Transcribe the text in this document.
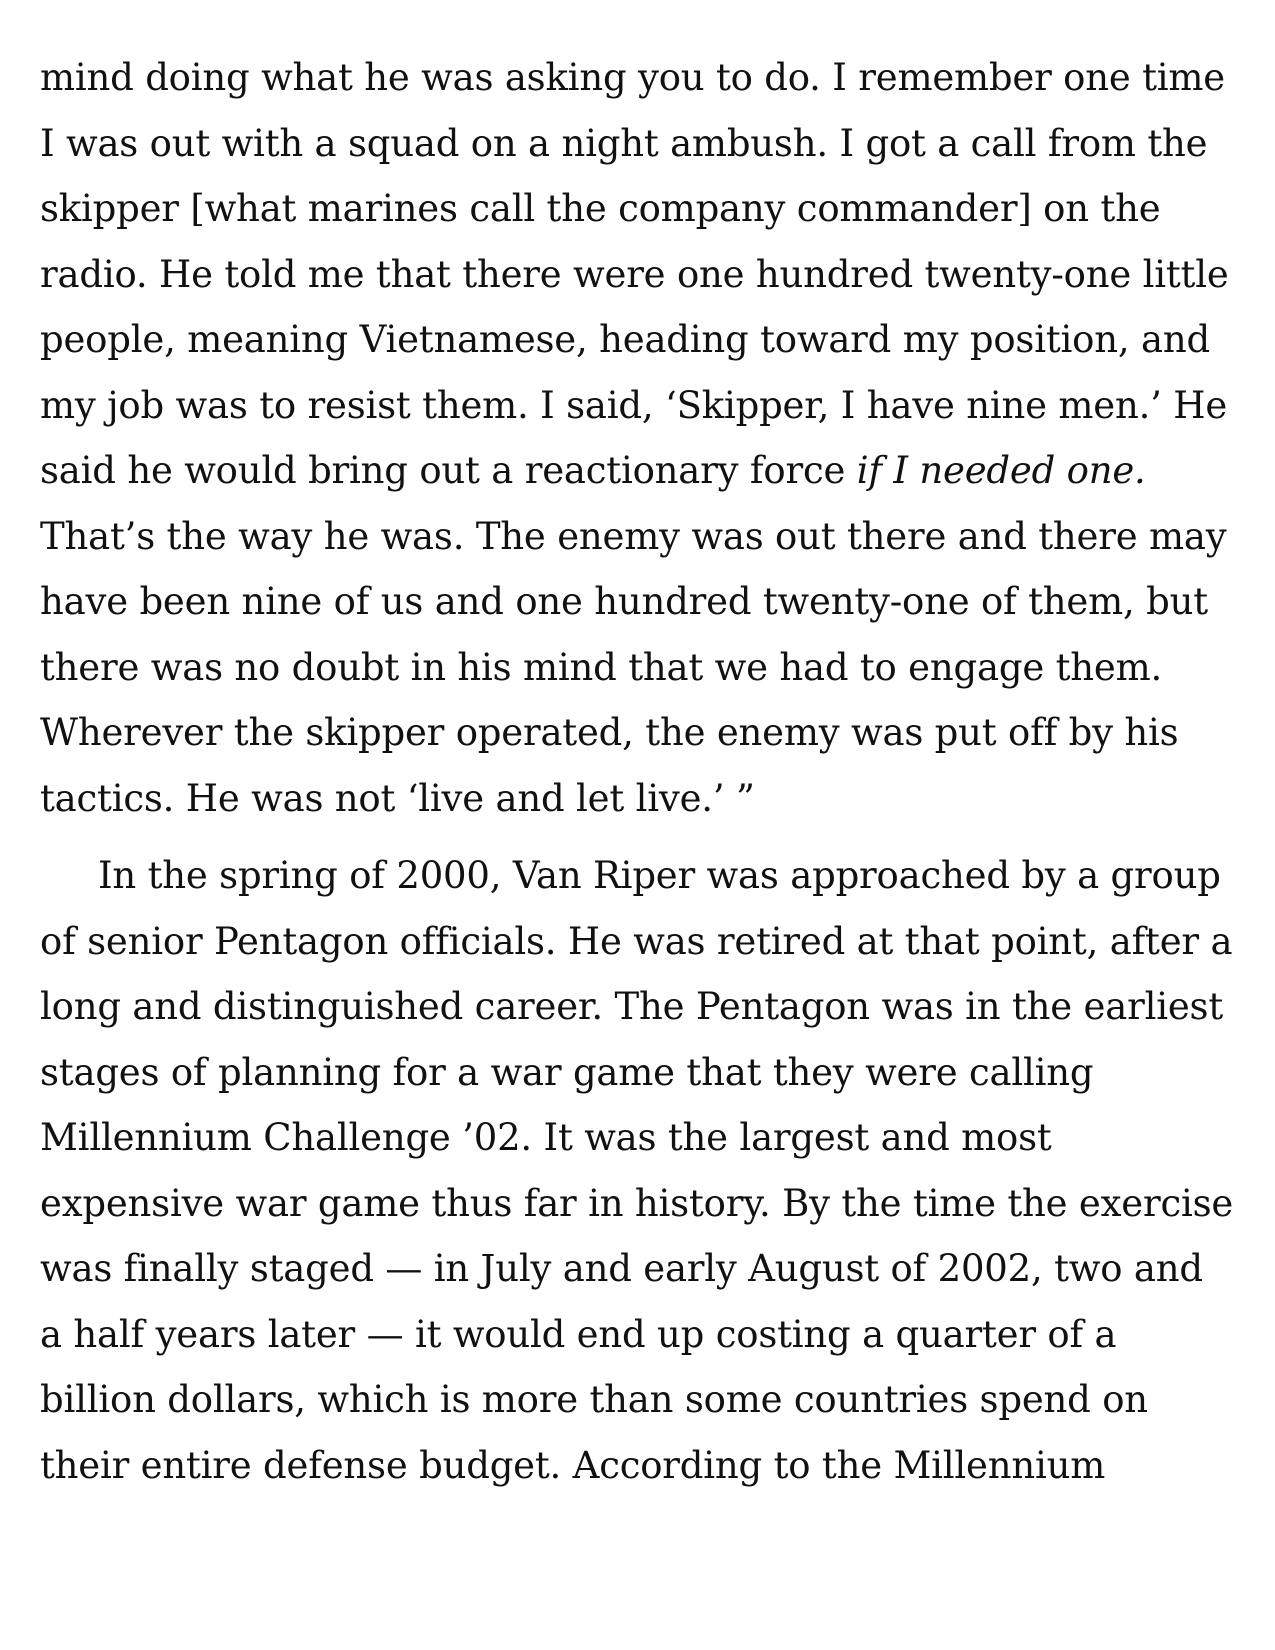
mind doing what he was asking you to do. I remember one time
I was out with a squad on a night ambush. I got a call from the
skipper [what marines call the company commander] on the
radio. He told me that there were one hundred twenty-one little
people, meaning Vietnamese, heading toward my position, and
my job was to resist them. I said, ‘Skipper, I have nine men.’ He
said he would bring out a reactionary force if I needed one.
That’s the way he was. The enemy was out there and there may
have been nine of us and one hundred twenty-one of them, but
there was no doubt in his mind that we had to engage them.
Wherever the skipper operated, the enemy was put off by his
tactics. He was not ‘live and let live.’ ”
In the spring of 2000, Van Riper was approached by a group
of senior Pentagon officials. He was retired at that point, after a
long and distinguished career. The Pentagon was in the earliest
stages of planning for a war game that they were calling
Millennium Challenge ’02. It was the largest and most
expensive war game thus far in history. By the time the exercise
was finally staged — in July and early August of 2002, two and
a half years later — it would end up costing a quarter of a
billion dollars, which is more than some countries spend on
their entire defense budget. According to the Millennium
